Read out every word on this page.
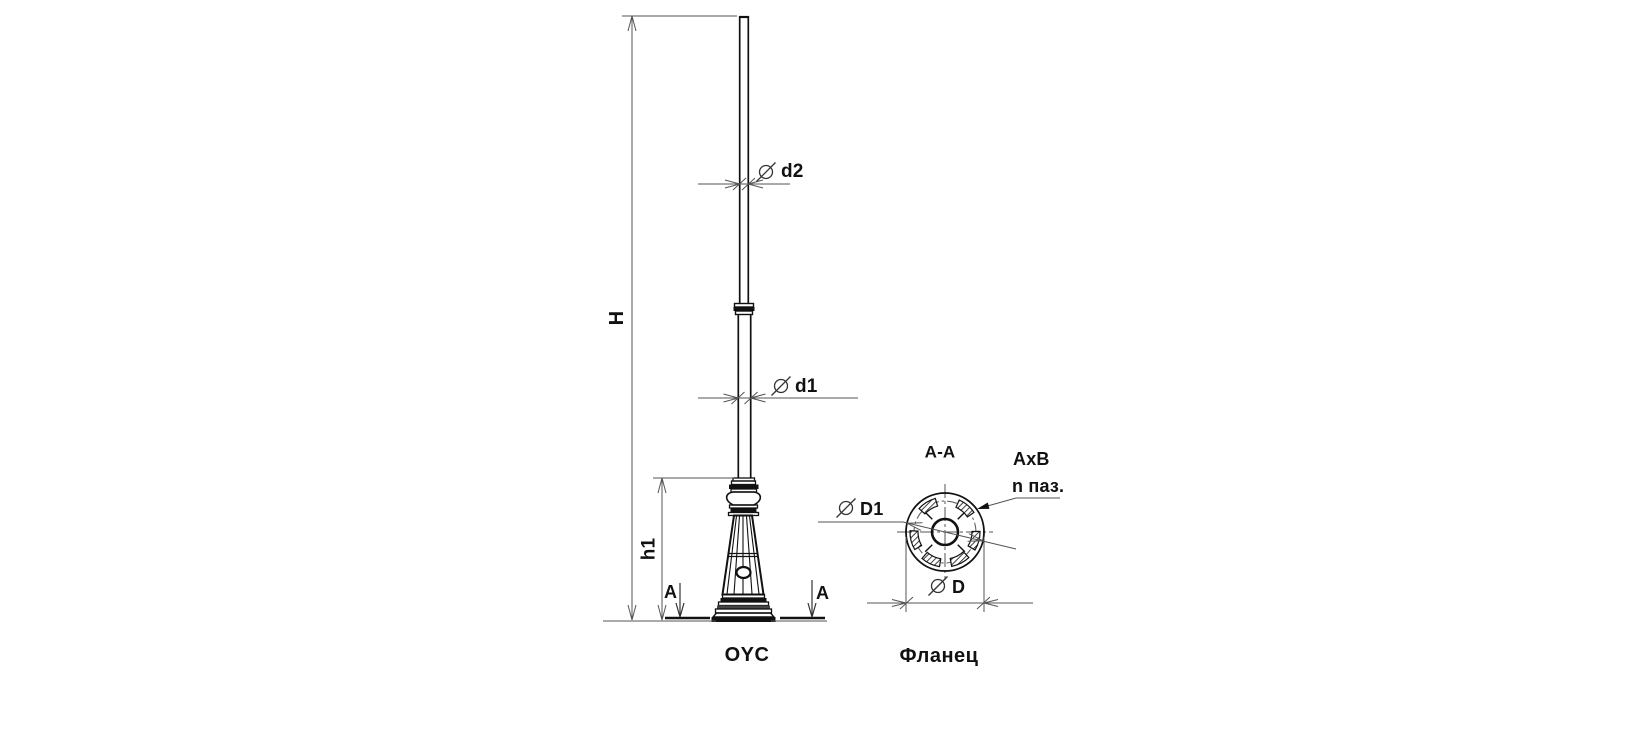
H
d2
d1
h1
A	A
OYC
A-A	AxB
n паз.
D1
D
Фланец
